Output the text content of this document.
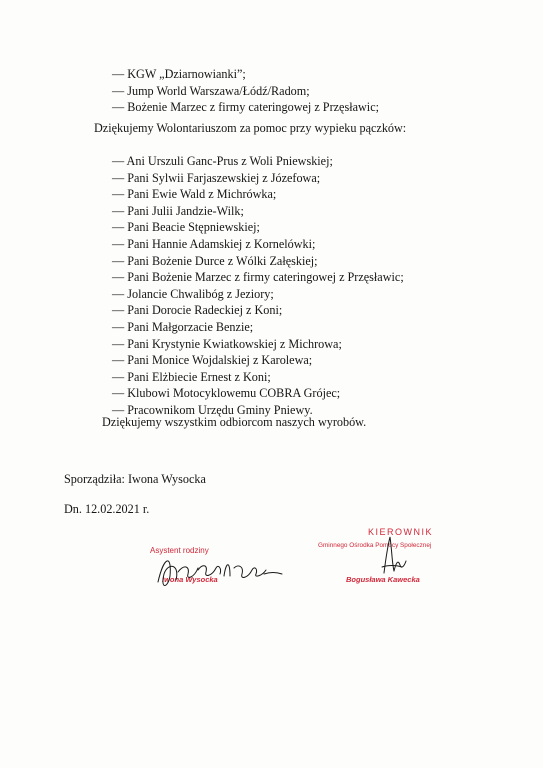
— KGW „Dziarnowianki”;
— Jump World Warszawa/Łódź/Radom;
— Bożenie Marzec z firmy cateringowej z Przęsławic;
Dziękujemy Wolontariuszom za pomoc przy wypieku pączków:
— Ani Urszuli Ganc-Prus z Woli Pniewskiej;
— Pani Sylwii Farjaszewskiej z Józefowa;
— Pani Ewie Wald z Michrówka;
— Pani Julii Jandzie-Wilk;
— Pani Beacie Stępniewskiej;
— Pani Hannie Adamskiej z Kornelówki;
— Pani Bożenie Durce z Wólki Załęskiej;
— Pani Bożenie Marzec z firmy cateringowej z Przęsławic;
— Jolancie Chwalibóg z Jeziory;
— Pani Dorocie Radeckiej z Koni;
— Pani Małgorzacie Benzie;
— Pani Krystynie Kwiatkowskiej z Michrowa;
— Pani Monice Wojdalskiej z Karolewa;
— Pani Elżbiecie Ernest z Koni;
— Klubowi Motocyklowemu COBRA Grójec;
— Pracownikom Urzędu Gminy Pniewy.
Dziękujemy wszystkim odbiorcom naszych wyrobów.
Sporządziła: Iwona Wysocka
Dn. 12.02.2021 r.
Asystent rodziny
Iwona Wysocka
KIEROWNIK
Gminnego Ośrodka Pomocy Społecznej
Bogusława Kawecka
